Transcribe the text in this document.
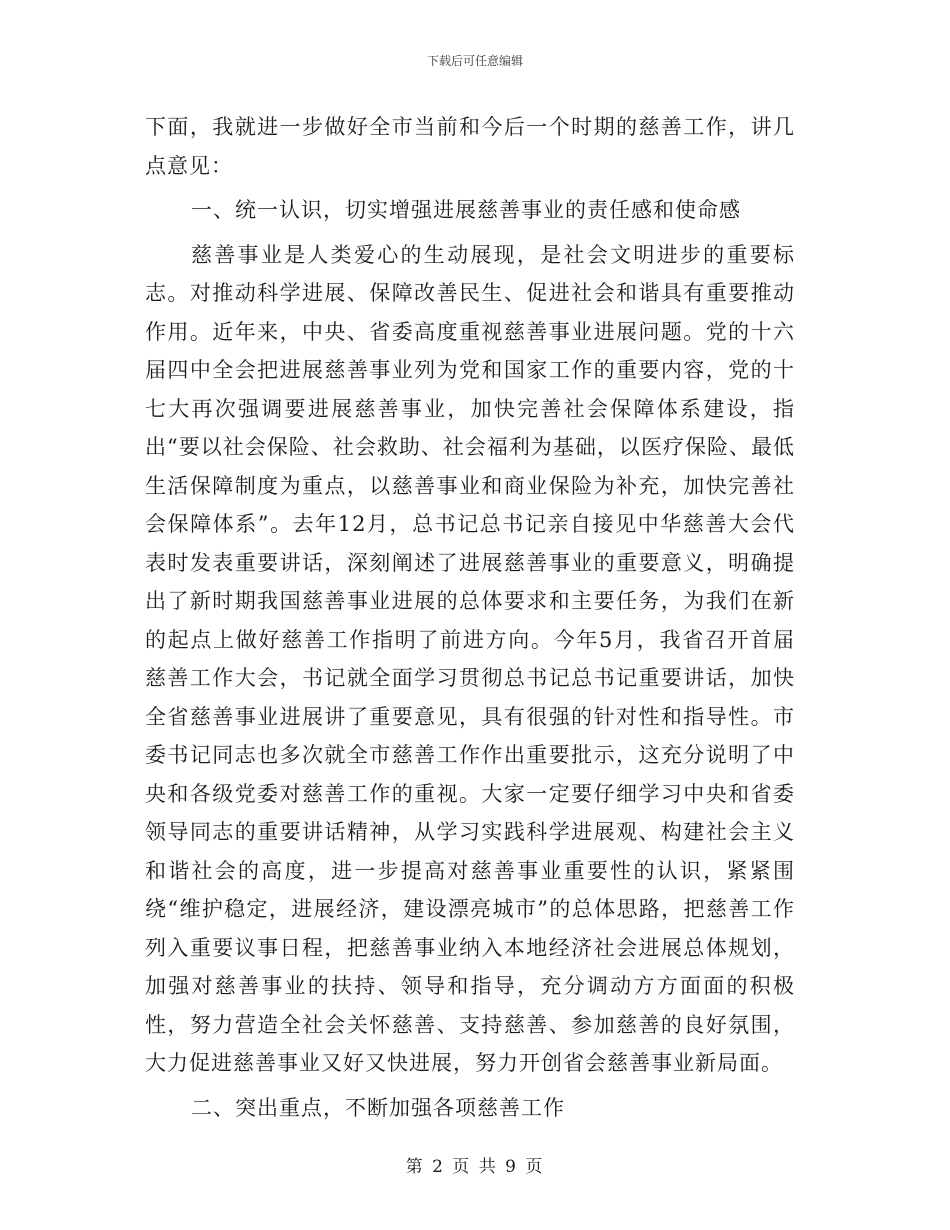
下载后可任意编辑

下面，我就进一步做好全市当前和今后一个时期的慈善工作，讲几点意见：

一、统一认识，切实增强进展慈善事业的责任感和使命感

慈善事业是人类爱心的生动展现，是社会文明进步的重要标志。对推动科学进展、保障改善民生、促进社会和谐具有重要推动作用。近年来，中央、省委高度重视慈善事业进展问题。党的十六届四中全会把进展慈善事业列为党和国家工作的重要内容，党的十七大再次强调要进展慈善事业，加快完善社会保障体系建设，指出“要以社会保险、社会救助、社会福利为基础，以医疗保险、最低生活保障制度为重点，以慈善事业和商业保险为补充，加快完善社会保障体系”。去年12月，总书记总书记亲自接见中华慈善大会代表时发表重要讲话，深刻阐述了进展慈善事业的重要意义，明确提出了新时期我国慈善事业进展的总体要求和主要任务，为我们在新的起点上做好慈善工作指明了前进方向。今年5月，我省召开首届慈善工作大会，书记就全面学习贯彻总书记总书记重要讲话，加快全省慈善事业进展讲了重要意见，具有很强的针对性和指导性。市委书记同志也多次就全市慈善工作作出重要批示，这充分说明了中央和各级党委对慈善工作的重视。大家一定要仔细学习中央和省委领导同志的重要讲话精神，从学习实践科学进展观、构建社会主义和谐社会的高度，进一步提高对慈善事业重要性的认识，紧紧围绕“维护稳定，进展经济，建设漂亮城市”的总体思路，把慈善工作列入重要议事日程，把慈善事业纳入本地经济社会进展总体规划，加强对慈善事业的扶持、领导和指导，充分调动方方面面的积极性，努力营造全社会关怀慈善、支持慈善、参加慈善的良好氛围，大力促进慈善事业又好又快进展，努力开创省会慈善事业新局面。

二、突出重点，不断加强各项慈善工作

第 2 页 共 9 页
